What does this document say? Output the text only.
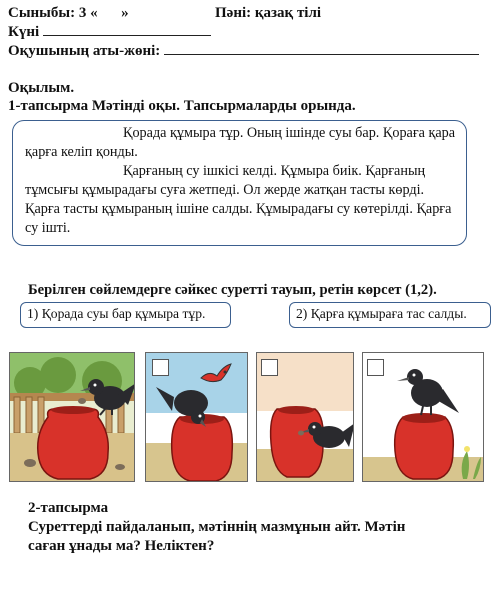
Сыныбы: 3 « »	Пәні: қазақ тілі
Күні
Оқушының аты-жөні:
Оқылым.
1-тапсырма Мәтінді оқы. Тапсырмаларды орында.

Қорада құмыра тұр. Оның ішінде суы бар. Қораға қара қарға келіп қонды.

Қарғаның су ішкісі келді. Құмыра биік. Қарғаның тұмсығы құмырадағы суға жетпеді. Ол жерде жатқан тасты көрді. Қарға тасты құмыраның ішіне салды. Құмырадағы су көтерілді. Қарға су ішті.

Берілген сөйлемдерге сәйкес суретті тауып, ретін көрсет (1,2).
1) Қорада суы бар құмыра тұр.	2) Қарға құмыраға тас салды.
2-тапсырма
Суреттерді пайдаланып, мәтіннің мазмұнын айт. Мәтін
саған ұнады ма? Неліктен?
